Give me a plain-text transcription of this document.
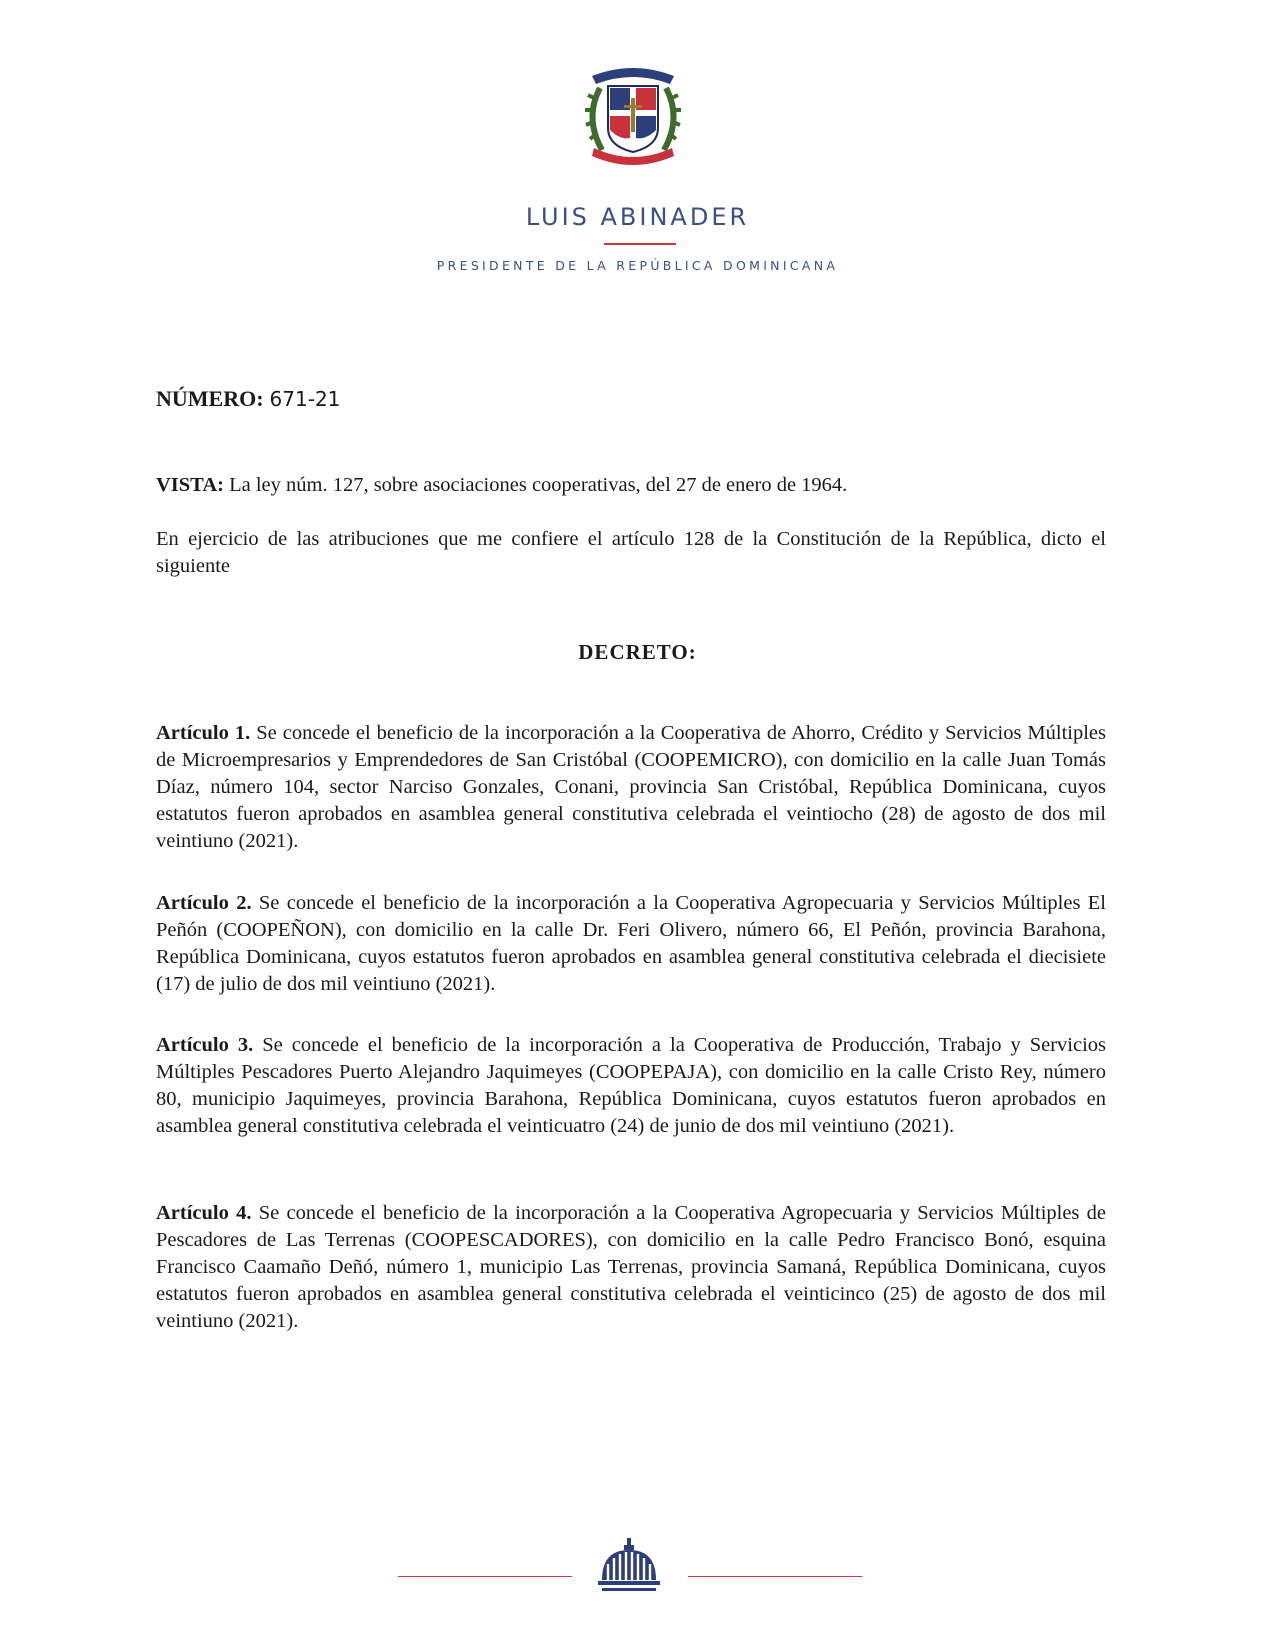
LUIS ABINADER
PRESIDENTE DE LA REPÚBLICA DOMINICANA
NÚMERO: 671-21

VISTA: La ley núm. 127, sobre asociaciones cooperativas, del 27 de enero de 1964.

En ejercicio de las atribuciones que me confiere el artículo 128 de la Constitución de la República, dicto el siguiente

DECRETO:

Artículo 1. Se concede el beneficio de la incorporación a la Cooperativa de Ahorro, Crédito y Servicios Múltiples de Microempresarios y Emprendedores de San Cristóbal (COOPEMICRO), con domicilio en la calle Juan Tomás Díaz, número 104, sector Narciso Gonzales, Conani, provincia San Cristóbal, República Dominicana, cuyos estatutos fueron aprobados en asamblea general constitutiva celebrada el veintiocho (28) de agosto de dos mil veintiuno (2021).

Artículo 2. Se concede el beneficio de la incorporación a la Cooperativa Agropecuaria y Servicios Múltiples El Peñón (COOPEÑON), con domicilio en la calle Dr. Feri Olivero, número 66, El Peñón, provincia Barahona, República Dominicana, cuyos estatutos fueron aprobados en asamblea general constitutiva celebrada el diecisiete (17) de julio de dos mil veintiuno (2021).

Artículo 3. Se concede el beneficio de la incorporación a la Cooperativa de Producción, Trabajo y Servicios Múltiples Pescadores Puerto Alejandro Jaquimeyes (COOPEPAJA), con domicilio en la calle Cristo Rey, número 80, municipio Jaquimeyes, provincia Barahona, República Dominicana, cuyos estatutos fueron aprobados en asamblea general constitutiva celebrada el veinticuatro (24) de junio de dos mil veintiuno (2021).

Artículo 4. Se concede el beneficio de la incorporación a la Cooperativa Agropecuaria y Servicios Múltiples de Pescadores de Las Terrenas (COOPESCADORES), con domicilio en la calle Pedro Francisco Bonó, esquina Francisco Caamaño Deñó, número 1, municipio Las Terrenas, provincia Samaná, República Dominicana, cuyos estatutos fueron aprobados en asamblea general constitutiva celebrada el veinticinco (25) de agosto de dos mil veintiuno (2021).
